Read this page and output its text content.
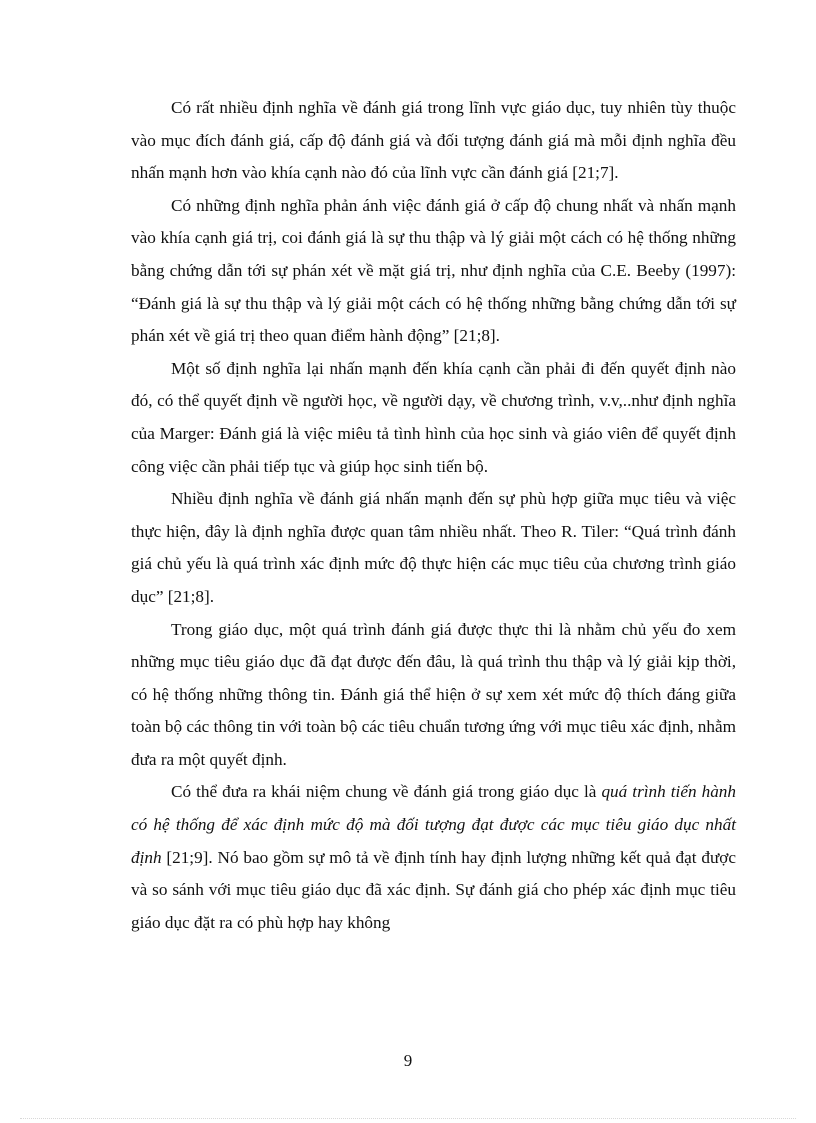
Có rất nhiều định nghĩa về đánh giá trong lĩnh vực giáo dục, tuy nhiên tùy thuộc vào mục đích đánh giá, cấp độ đánh giá và đối tượng đánh giá mà mỗi định nghĩa đều nhấn mạnh hơn vào khía cạnh nào đó của lĩnh vực cần đánh giá [21;7].

Có những định nghĩa phản ánh việc đánh giá ở cấp độ chung nhất và nhấn mạnh vào khía cạnh giá trị, coi đánh giá là sự thu thập và lý giải một cách có hệ thống những bằng chứng dẫn tới sự phán xét về mặt giá trị, như định nghĩa của C.E. Beeby (1997): “Đánh giá là sự thu thập và lý giải một cách có hệ thống những bằng chứng dẫn tới sự phán xét về giá trị theo quan điểm hành động” [21;8].

Một số định nghĩa lại nhấn mạnh đến khía cạnh cần phải đi đến quyết định nào đó, có thể quyết định về người học, về người dạy, về chương trình, v.v,..như định nghĩa của Marger: Đánh giá là việc miêu tả tình hình của học sinh và giáo viên để quyết định công việc cần phải tiếp tục và giúp học sinh tiến bộ.

Nhiều định nghĩa về đánh giá nhấn mạnh đến sự phù hợp giữa mục tiêu và việc thực hiện, đây là định nghĩa được quan tâm nhiều nhất. Theo R. Tiler: “Quá trình đánh giá chủ yếu là quá trình xác định mức độ thực hiện các mục tiêu của chương trình giáo dục” [21;8].

Trong giáo dục, một quá trình đánh giá được thực thi là nhằm chủ yếu đo xem những mục tiêu giáo dục đã đạt được đến đâu, là quá trình thu thập và lý giải kịp thời, có hệ thống những thông tin. Đánh giá thể hiện ở sự xem xét mức độ thích đáng giữa toàn bộ các thông tin với toàn bộ các tiêu chuẩn tương ứng với mục tiêu xác định, nhằm đưa ra một quyết định.

Có thể đưa ra khái niệm chung về đánh giá trong giáo dục là quá trình tiến hành có hệ thống để xác định mức độ mà đối tượng đạt được các mục tiêu giáo dục nhất định [21;9]. Nó bao gồm sự mô tả về định tính hay định lượng những kết quả đạt được và so sánh với mục tiêu giáo dục đã xác định. Sự đánh giá cho phép xác định mục tiêu giáo dục đặt ra có phù hợp hay không

9
